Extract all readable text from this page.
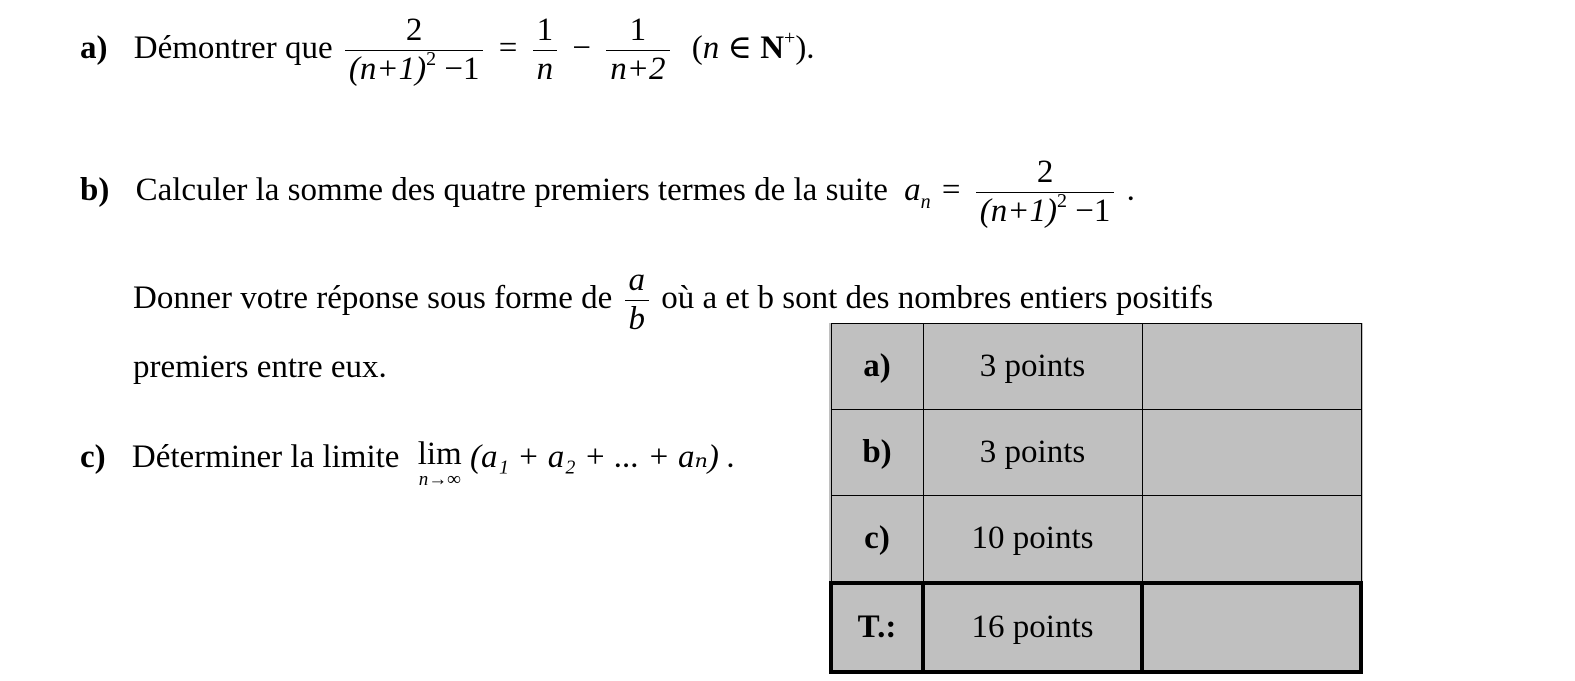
a) Démontrer que $\frac{2}{(n+1)^2 -1} = \frac{1}{n} - \frac{1}{n+2} (n$ ∈ N+).
b) Calculer la somme des quatre premiers termes de la suite $a_n = \frac{2}{(n+1)^2 -1}$ .
Donner votre réponse sous forme de $\frac{a}{b}$ où a et b sont des nombres entiers positifs
premiers entre eux.
c) Déterminer la limite lim
n→∞
(a₁ + a₂ + ... + aₙ) .
a)	3 points	
b)	3 points	
c)	10 points	
T.:	16 points	
